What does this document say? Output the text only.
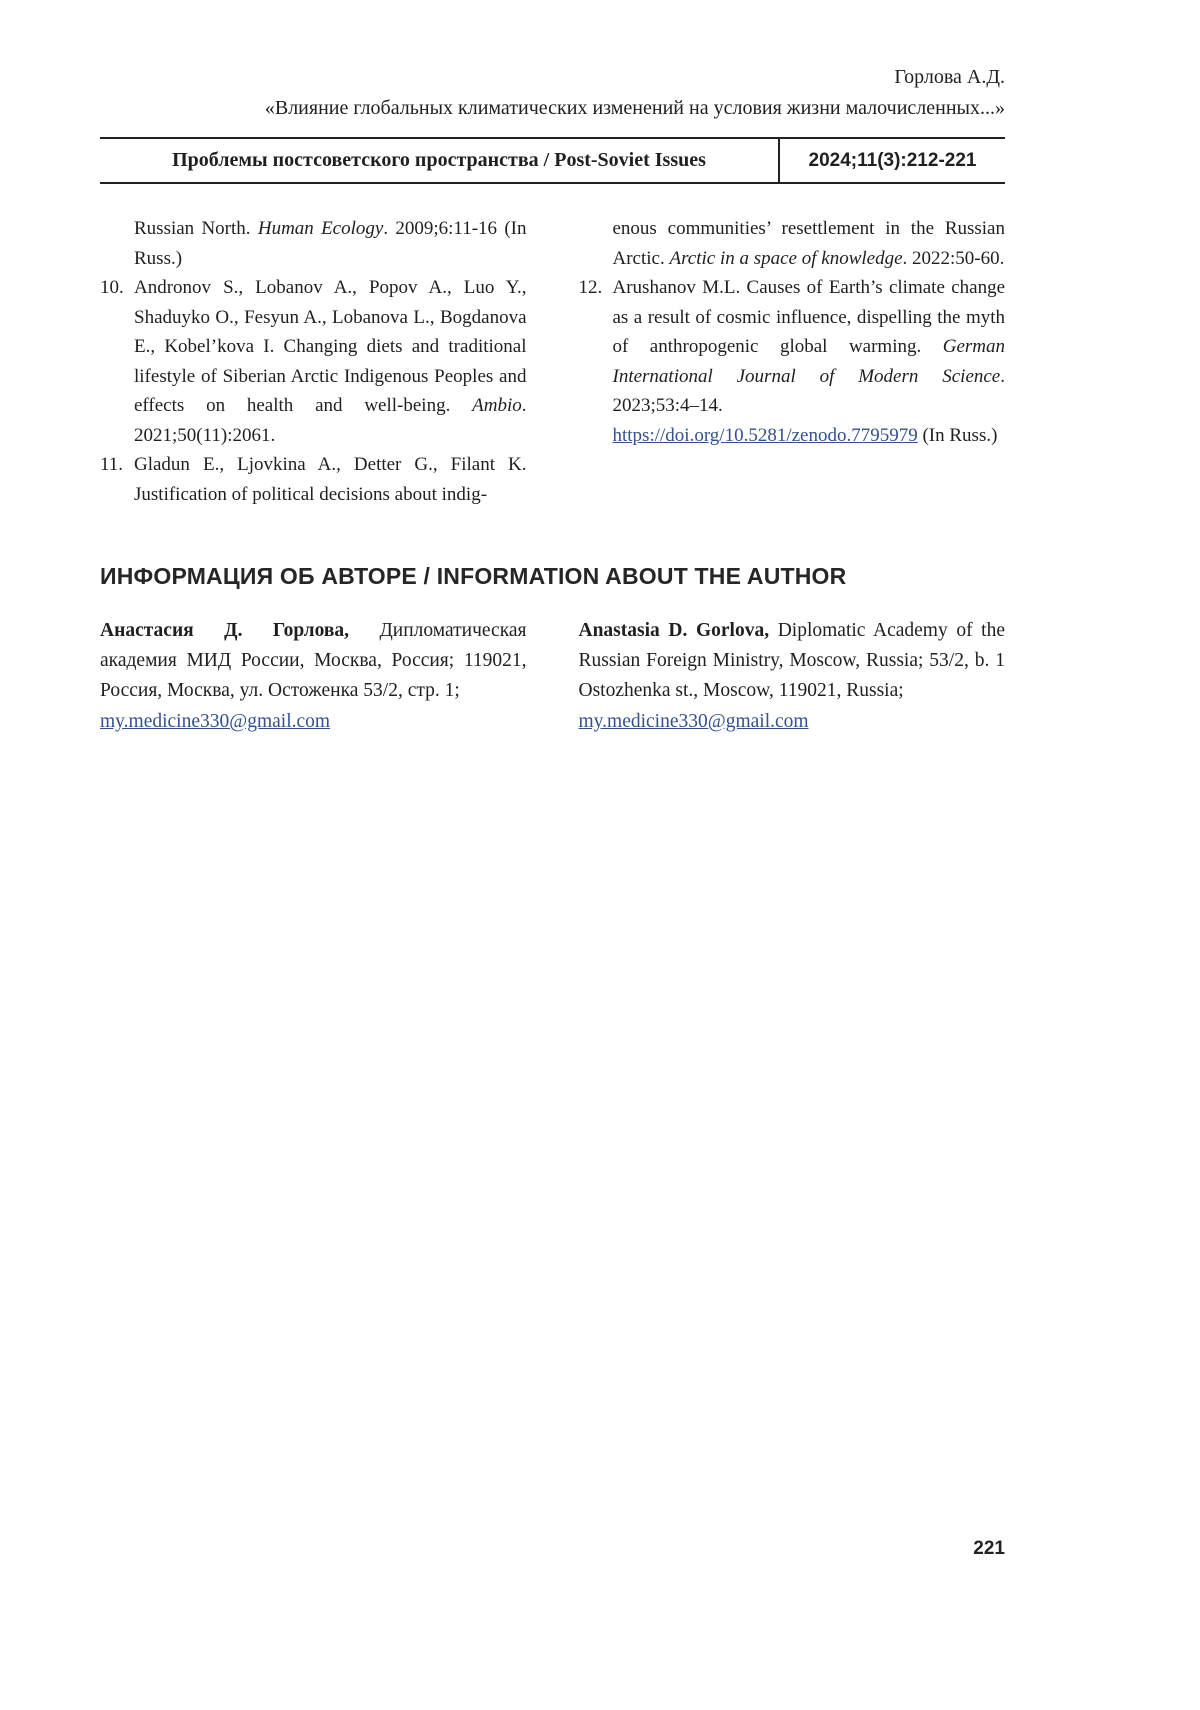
Горлова А.Д.
«Влияние глобальных климатических изменений на условия жизни малочисленных...»
Проблемы постсоветского пространства / Post-Soviet Issues	2024;11(3):212-221
Russian North. Human Ecology. 2009;6:11-16 (In Russ.)
10. Andronov S., Lobanov A., Popov A., Luo Y., Shaduyko O., Fesyun A., Lobanova L., Bogdanova E., Kobel’kova I. Changing diets and traditional lifestyle of Siberian Arctic Indigenous Peoples and effects on health and well-being. Ambio. 2021;50(11):2061.
11. Gladun E., Ljovkina A., Detter G., Filant K. Justification of political decisions about indig-
enous communities’ resettlement in the Russian Arctic. Arctic in a space of knowledge. 2022:50-60.
12. Arushanov M.L. Causes of Earth’s climate change as a result of cosmic influence, dispelling the myth of anthropogenic global warming. German International Journal of Modern Science. 2023;53:4–14. https://doi.org/10.5281/zenodo.7795979 (In Russ.)
ИНФОРМАЦИЯ ОБ АВТОРЕ / INFORMATION ABOUT THE AUTHOR
Анастасия Д. Горлова, Дипломатическая академия МИД России, Москва, Россия; 119021, Россия, Москва, ул. Остоженка 53/2, стр. 1;
my.medicine330@gmail.com
Anastasia D. Gorlova, Diplomatic Academy of the Russian Foreign Ministry, Moscow, Russia; 53/2, b. 1 Ostozhenka st., Moscow, 119021, Russia;
my.medicine330@gmail.com
221
